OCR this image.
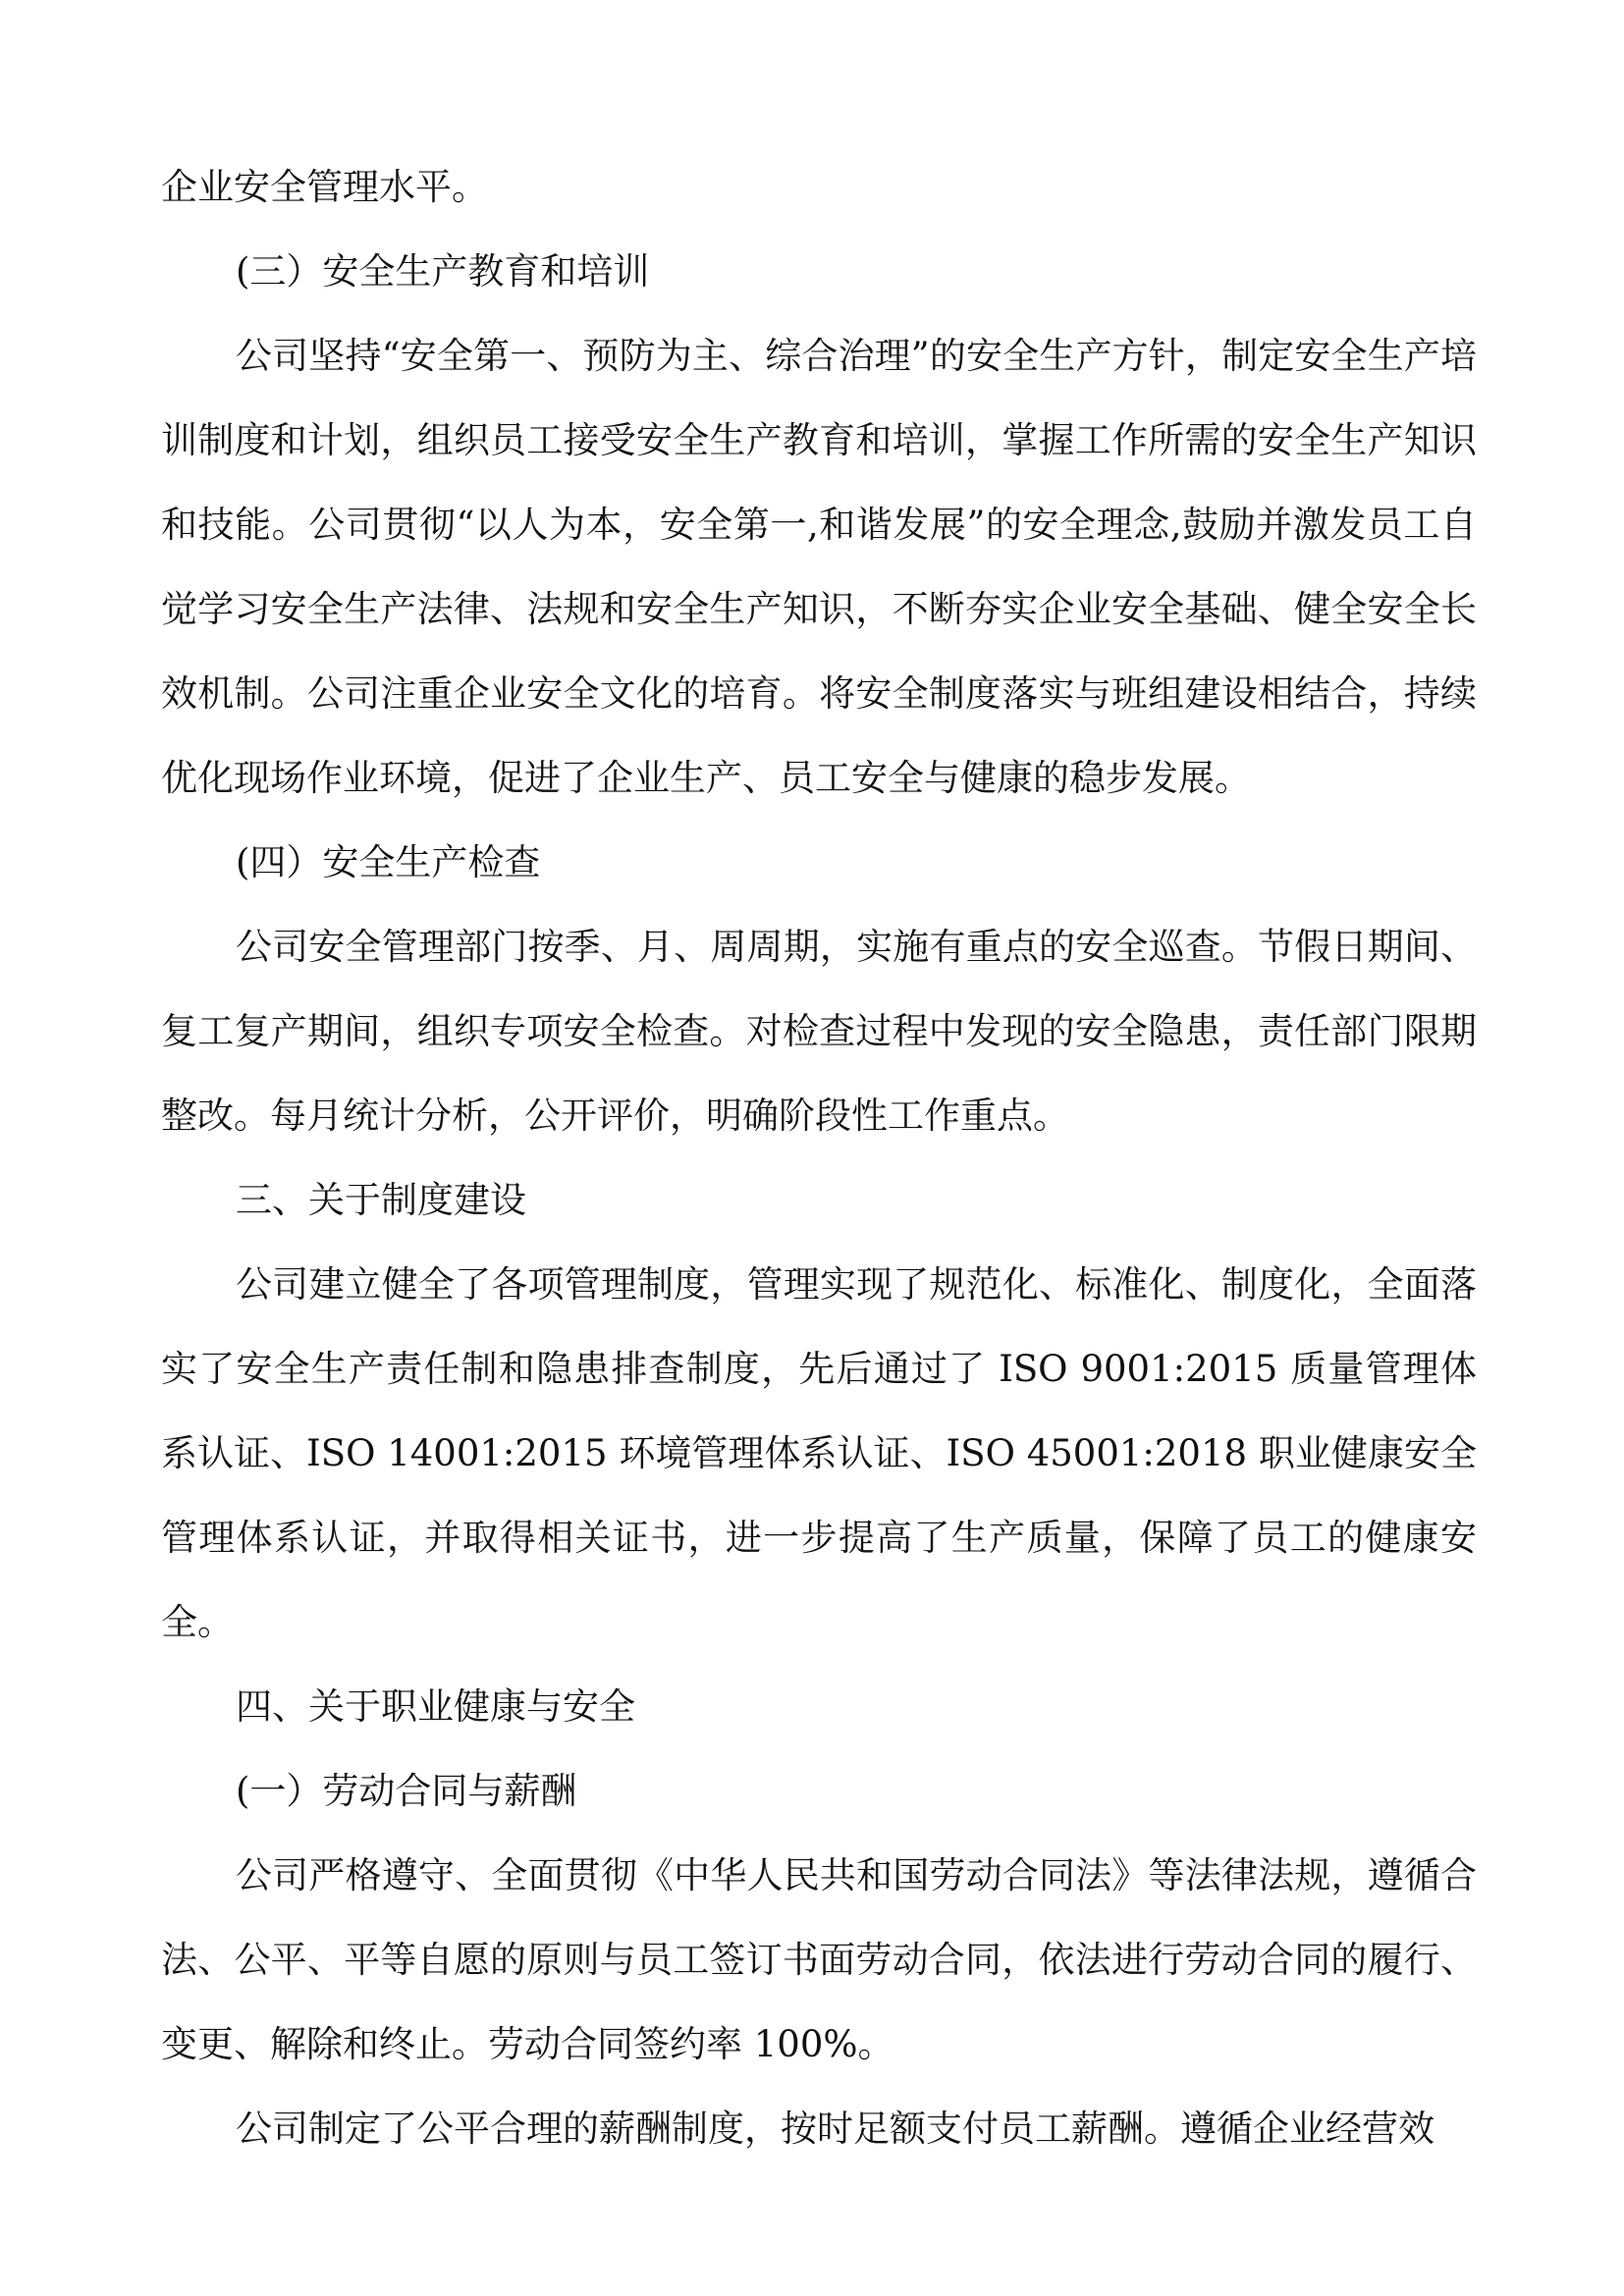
企业安全管理水平。

(三）安全生产教育和培训

公司坚持“安全第一、预防为主、综合治理”的安全生产方针，制定安全生产培训制度和计划，组织员工接受安全生产教育和培训，掌握工作所需的安全生产知识和技能。公司贯彻“以人为本，安全第一,和谐发展”的安全理念,鼓励并激发员工自觉学习安全生产法律、法规和安全生产知识，不断夯实企业安全基础、健全安全长效机制。公司注重企业安全文化的培育。将安全制度落实与班组建设相结合，持续优化现场作业环境，促进了企业生产、员工安全与健康的稳步发展。

(四）安全生产检查

公司安全管理部门按季、月、周周期，实施有重点的安全巡查。节假日期间、复工复产期间，组织专项安全检查。对检查过程中发现的安全隐患，责任部门限期整改。每月统计分析，公开评价，明确阶段性工作重点。

三、关于制度建设

公司建立健全了各项管理制度，管理实现了规范化、标准化、制度化，全面落实了安全生产责任制和隐患排查制度，先后通过了 ISO 9001:2015 质量管理体系认证、ISO 14001:2015 环境管理体系认证、ISO 45001:2018 职业健康安全管理体系认证，并取得相关证书，进一步提高了生产质量，保障了员工的健康安全。

四、关于职业健康与安全

(一）劳动合同与薪酬

公司严格遵守、全面贯彻《中华人民共和国劳动合同法》等法律法规，遵循合法、公平、平等自愿的原则与员工签订书面劳动合同，依法进行劳动合同的履行、变更、解除和终止。劳动合同签约率 100%。

公司制定了公平合理的薪酬制度，按时足额支付员工薪酬。遵循企业经营效
